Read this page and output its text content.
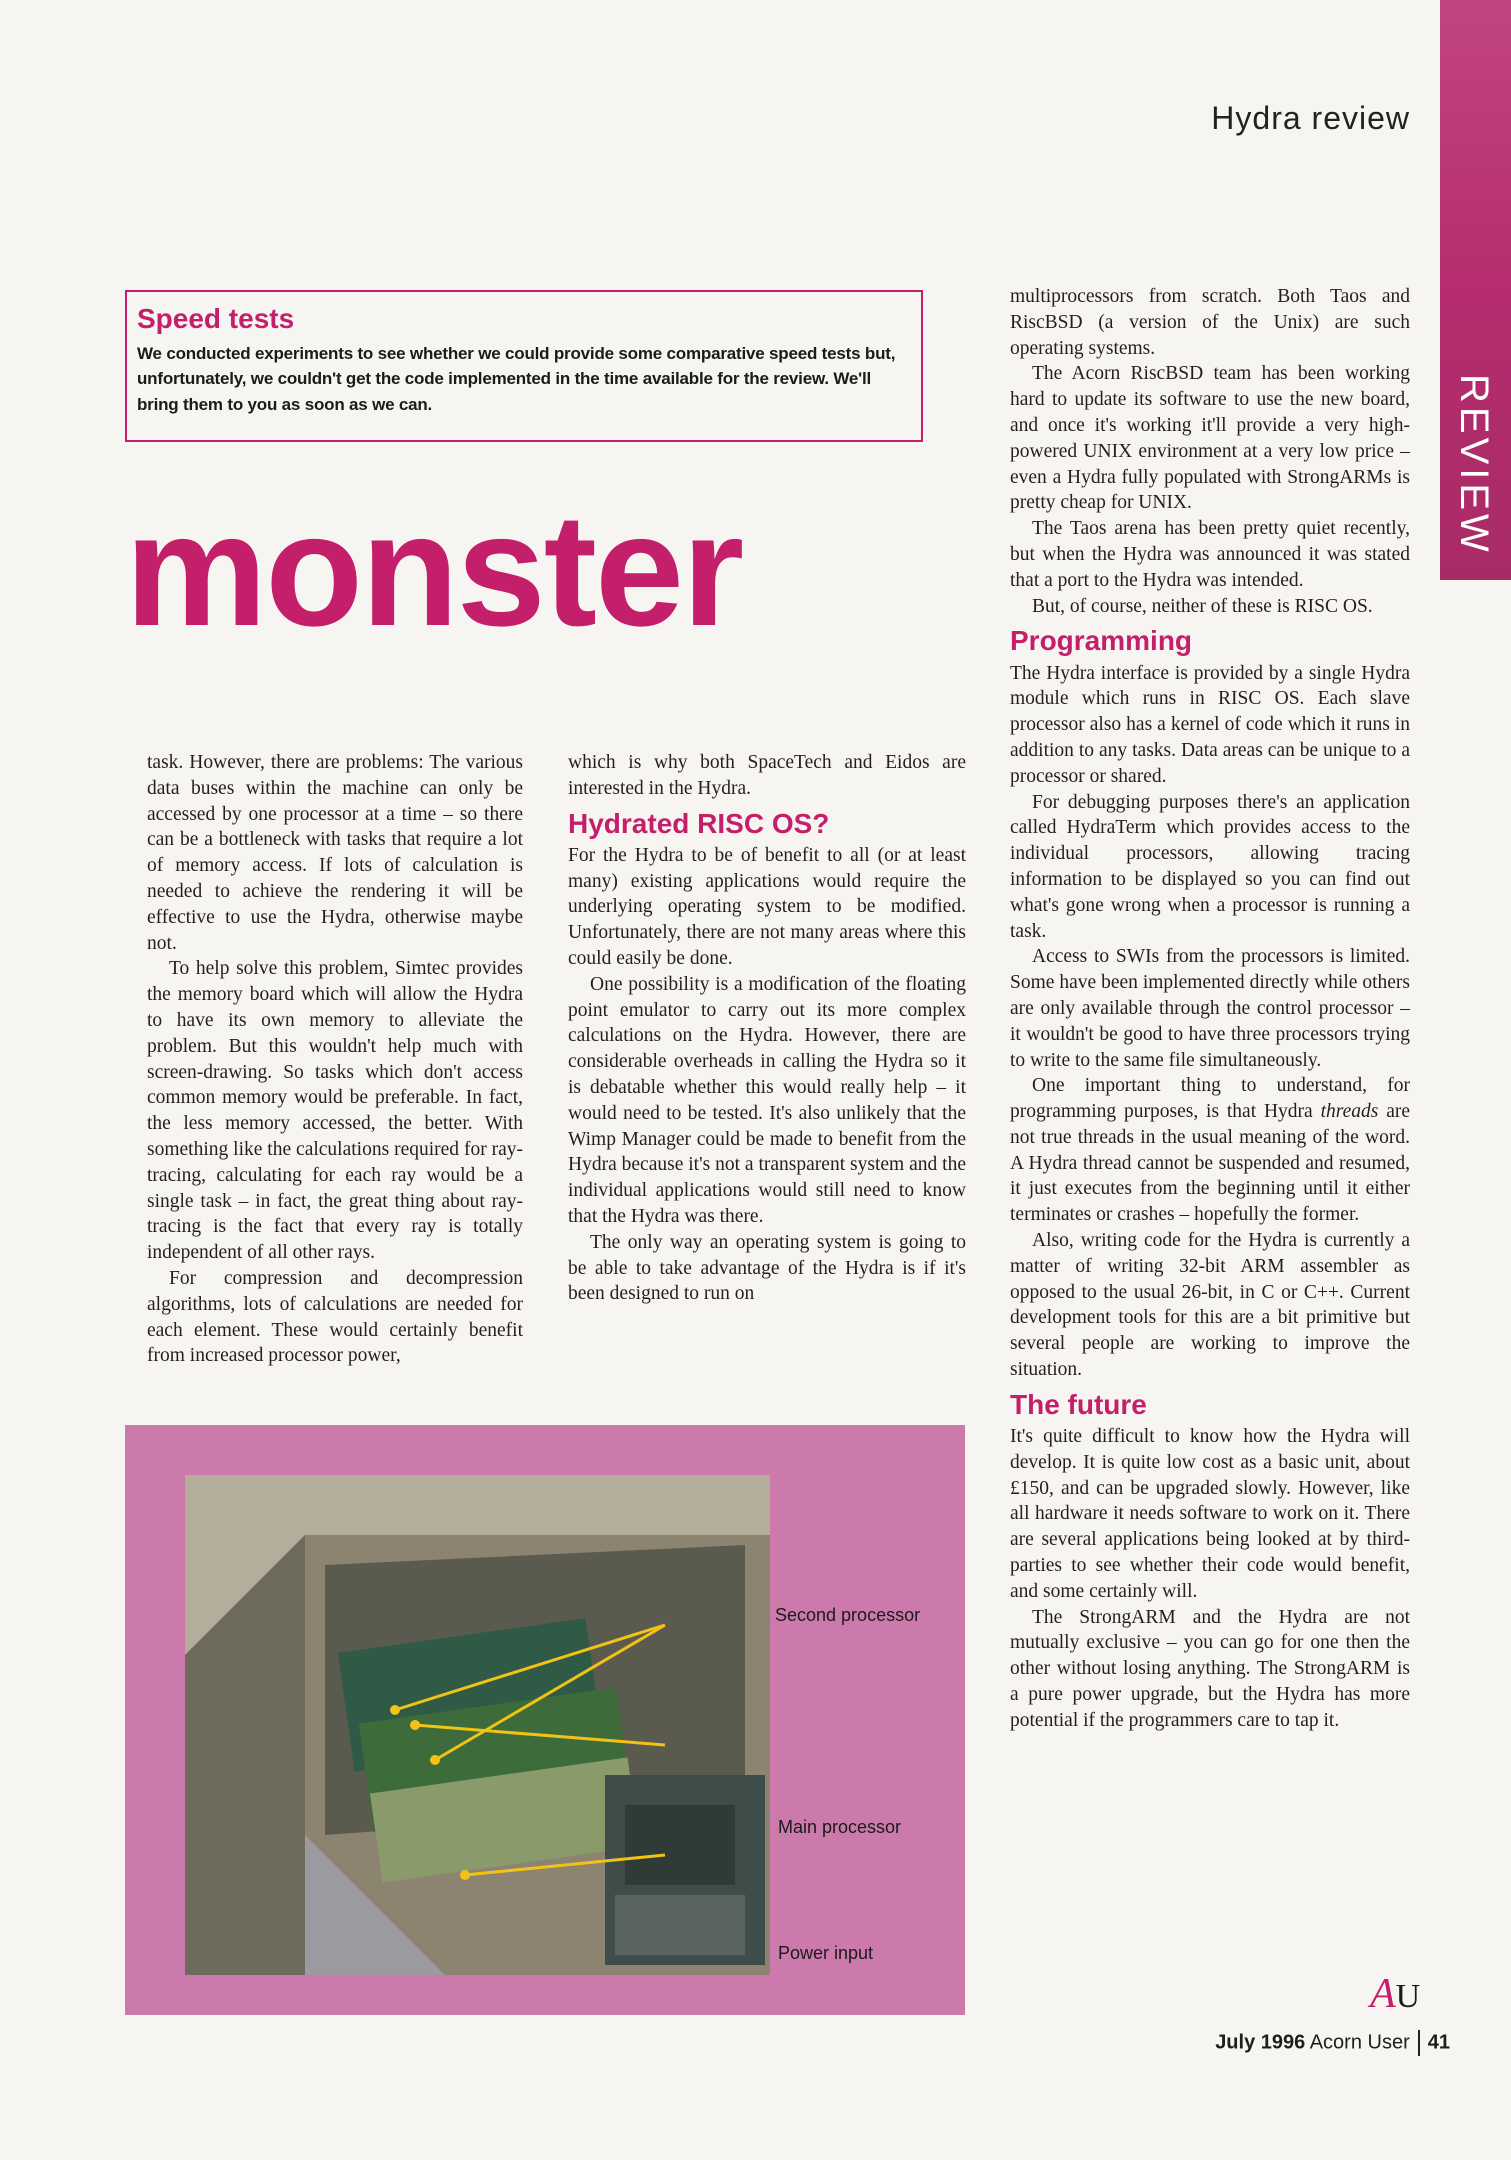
Hydra review
REVIEW
Speed tests

We conducted experiments to see whether we could provide some comparative speed tests but, unfortunately, we couldn't get the code implemented in the time available for the review. We'll bring them to you as soon as we can.

monster

task. However, there are problems: The various data buses within the machine can only be accessed by one processor at a time – so there can be a bottleneck with tasks that require a lot of memory access. If lots of calculation is needed to achieve the rendering it will be effective to use the Hydra, otherwise maybe not.

To help solve this problem, Simtec provides the memory board which will allow the Hydra to have its own memory to alleviate the problem. But this wouldn't help much with screen-drawing. So tasks which don't access common memory would be preferable. In fact, the less memory accessed, the better. With something like the calculations required for ray-tracing, calculating for each ray would be a single task – in fact, the great thing about ray-tracing is the fact that every ray is totally independent of all other rays.

For compression and decompression algorithms, lots of calculations are needed for each element. These would certainly benefit from increased processor power,

which is why both SpaceTech and Eidos are interested in the Hydra.

Hydrated RISC OS?

For the Hydra to be of benefit to all (or at least many) existing applications would require the underlying operating system to be modified. Unfortunately, there are not many areas where this could easily be done.

One possibility is a modification of the floating point emulator to carry out its more complex calculations on the Hydra. However, there are considerable overheads in calling the Hydra so it is debatable whether this would really help – it would need to be tested. It's also unlikely that the Wimp Manager could be made to benefit from the Hydra because it's not a transparent system and the individual applications would still need to know that the Hydra was there.

The only way an operating system is going to be able to take advantage of the Hydra is if it's been designed to run on

multiprocessors from scratch. Both Taos and RiscBSD (a version of the Unix) are such operating systems.

The Acorn RiscBSD team has been working hard to update its software to use the new board, and once it's working it'll provide a very high-powered UNIX environment at a very low price – even a Hydra fully populated with StrongARMs is pretty cheap for UNIX.

The Taos arena has been pretty quiet recently, but when the Hydra was announced it was stated that a port to the Hydra was intended.

But, of course, neither of these is RISC OS.

Programming

The Hydra interface is provided by a single Hydra module which runs in RISC OS. Each slave processor also has a kernel of code which it runs in addition to any tasks. Data areas can be unique to a processor or shared.

For debugging purposes there's an application called HydraTerm which provides access to the individual processors, allowing tracing information to be displayed so you can find out what's gone wrong when a processor is running a task.

Access to SWIs from the processors is limited. Some have been implemented directly while others are only available through the control processor – it wouldn't be good to have three processors trying to write to the same file simultaneously.

One important thing to understand, for programming purposes, is that Hydra threads are not true threads in the usual meaning of the word. A Hydra thread cannot be suspended and resumed, it just executes from the beginning until it either terminates or crashes – hopefully the former.

Also, writing code for the Hydra is currently a matter of writing 32-bit ARM assembler as opposed to the usual 26-bit, in C or C++. Current development tools for this are a bit primitive but several people are working to improve the situation.

The future

It's quite difficult to know how the Hydra will develop. It is quite low cost as a basic unit, about £150, and can be upgraded slowly. However, like all hardware it needs software to work on it. There are several applications being looked at by third-parties to see whether their code would benefit, and some certainly will.

The StrongARM and the Hydra are not mutually exclusive – you can go for one then the other without losing anything. The StrongARM is a pure power upgrade, but the Hydra has more potential if the programmers care to tap it.

Second processor
Main processor
Power input
AU
July 1996 Acorn User 41
